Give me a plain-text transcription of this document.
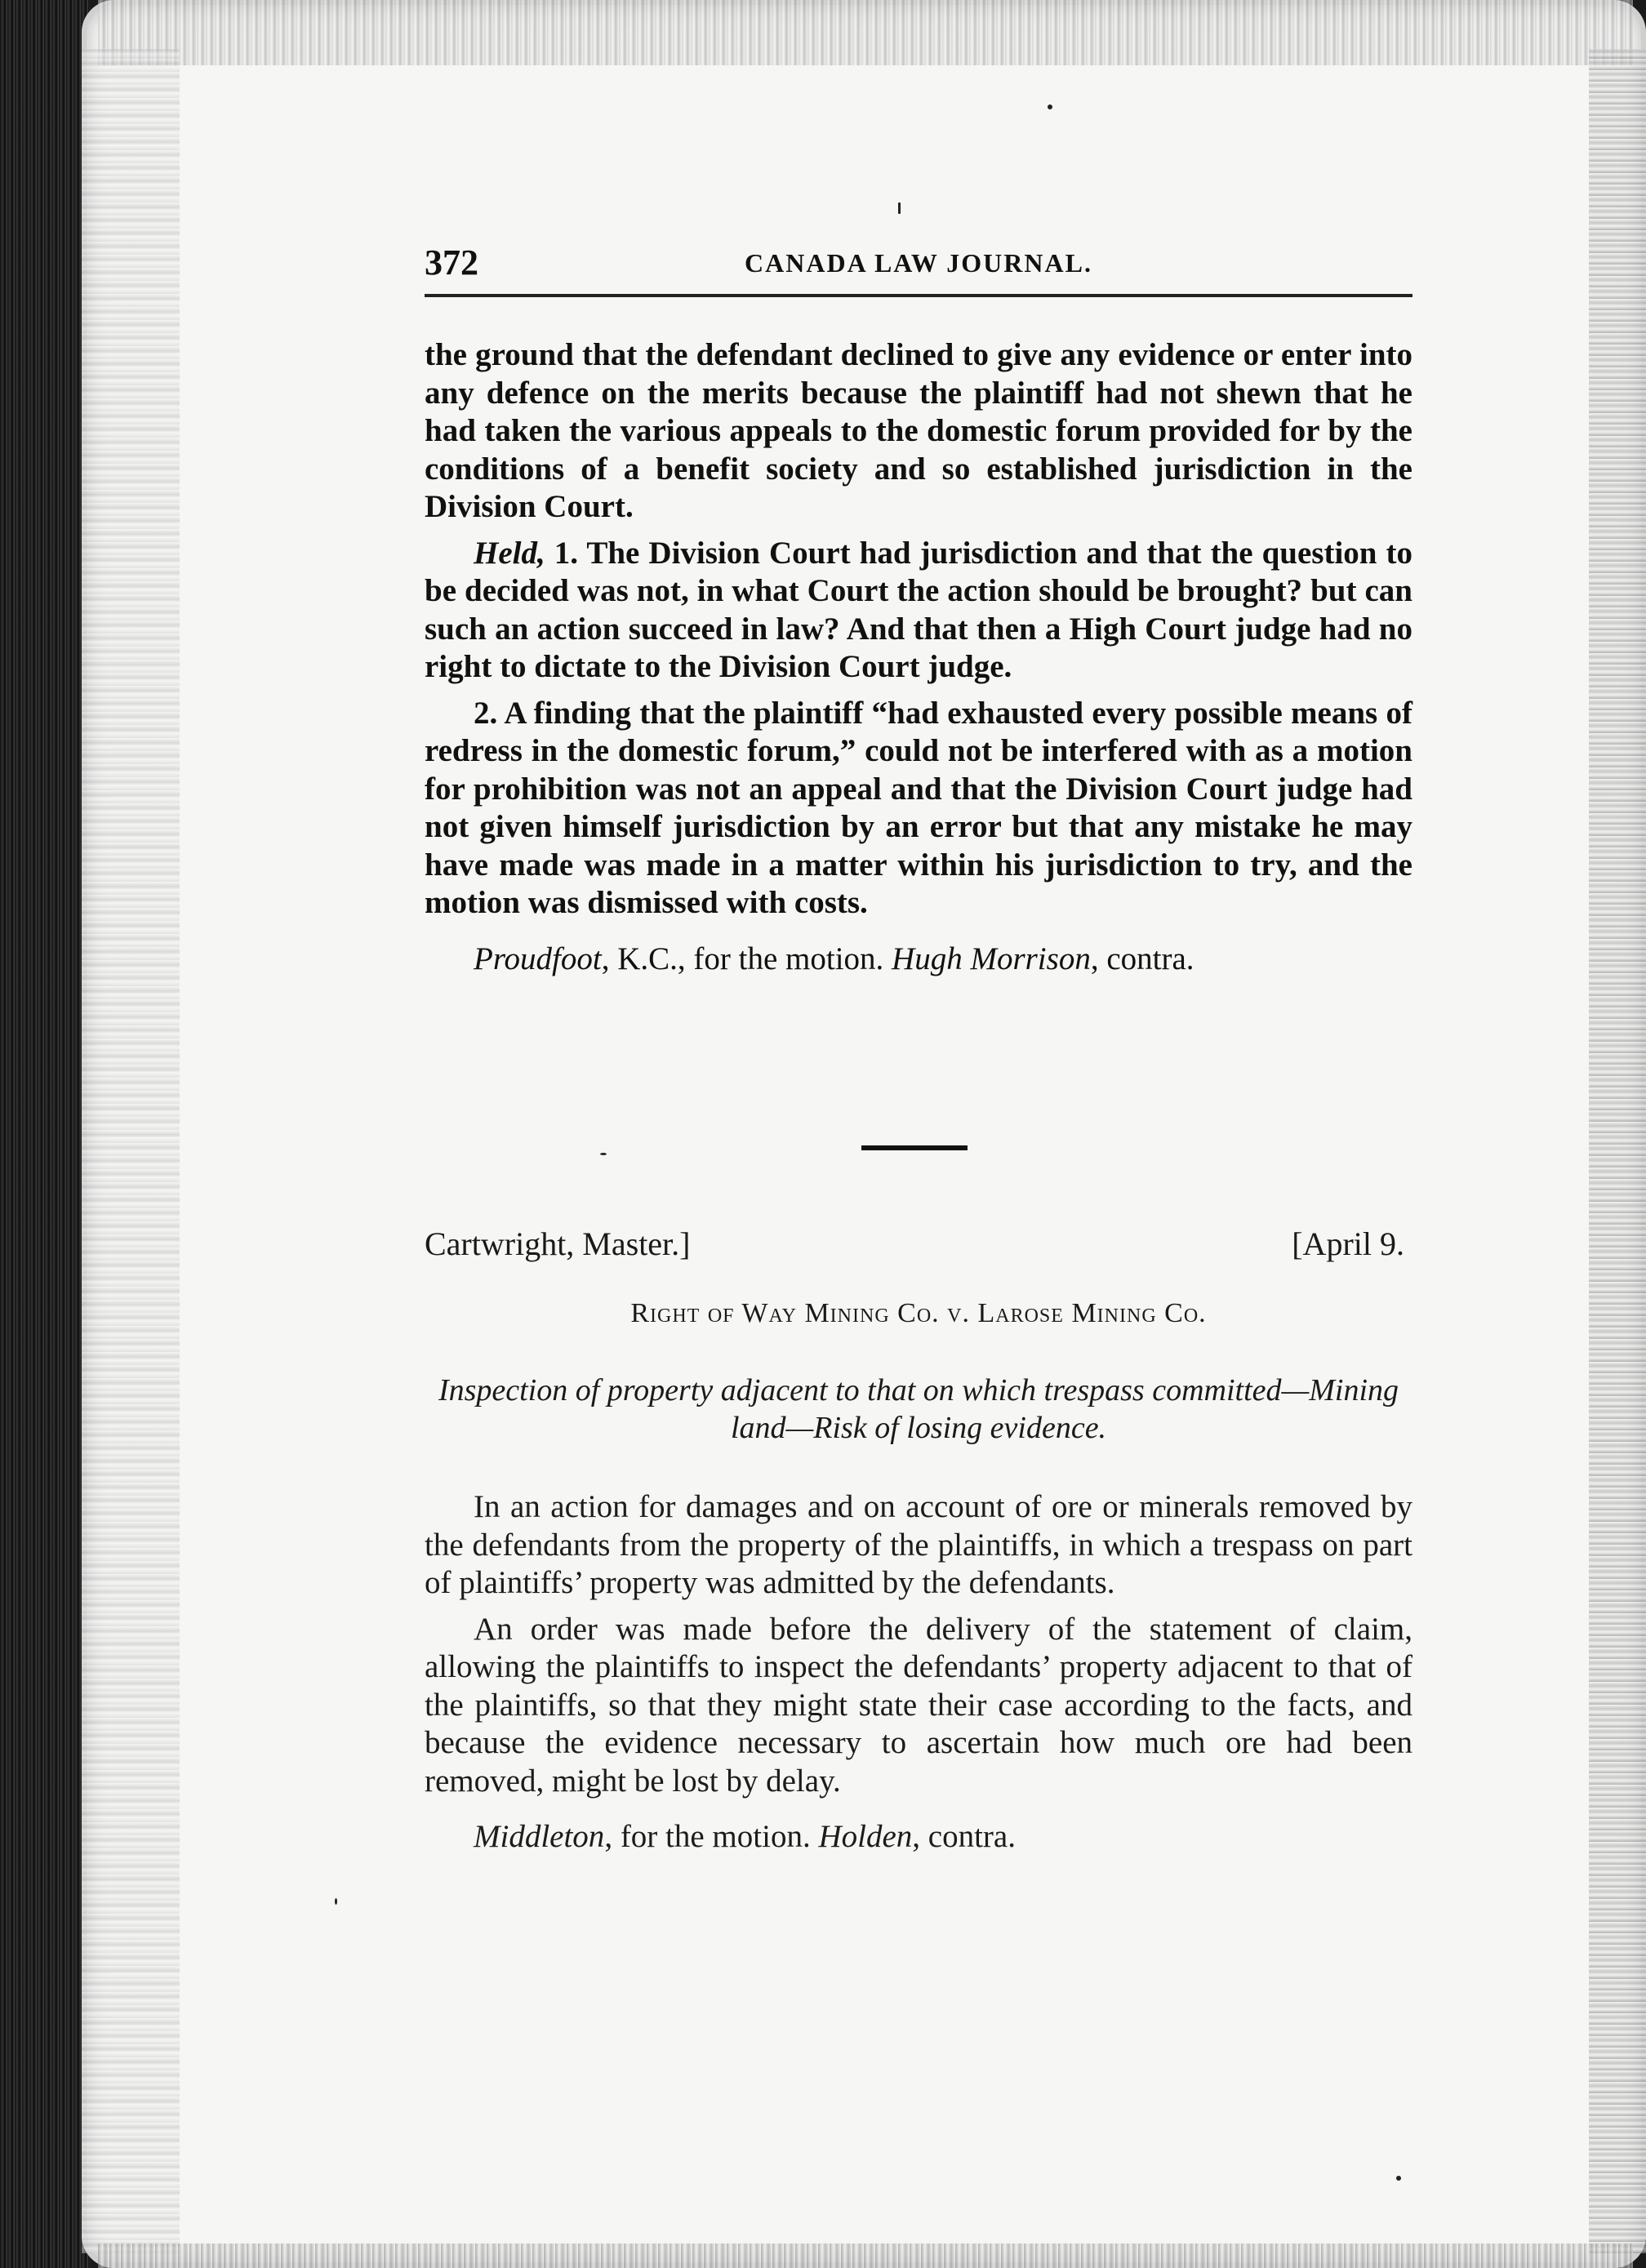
372	CANADA LAW JOURNAL.

the ground that the defendant declined to give any evidence or enter into any defence on the merits because the plaintiff had not shewn that he had taken the various appeals to the domestic forum provided for by the conditions of a benefit society and so established jurisdiction in the Division Court.

Held, 1. The Division Court had jurisdiction and that the question to be decided was not, in what Court the action should be brought? but can such an action succeed in law? And that then a High Court judge had no right to dictate to the Division Court judge.

2. A finding that the plaintiff “had exhausted every possible means of redress in the domestic forum,” could not be interfered with as a motion for prohibition was not an appeal and that the Division Court judge had not given himself jurisdiction by an error but that any mistake he may have made was made in a matter within his jurisdiction to try, and the motion was dismissed with costs.

Proudfoot, K.C., for the motion. Hugh Morrison, contra.

Cartwright, Master.]	[April 9.
Right of Way Mining Co. v. Larose Mining Co.
Inspection of property adjacent to that on which trespass committed—Mining land—Risk of losing evidence.

In an action for damages and on account of ore or minerals removed by the defendants from the property of the plaintiffs, in which a trespass on part of plaintiffs’ property was admitted by the defendants.

An order was made before the delivery of the statement of claim, allowing the plaintiffs to inspect the defendants’ property adjacent to that of the plaintiffs, so that they might state their case according to the facts, and because the evidence necessary to ascertain how much ore had been removed, might be lost by delay.

Middleton, for the motion. Holden, contra.
